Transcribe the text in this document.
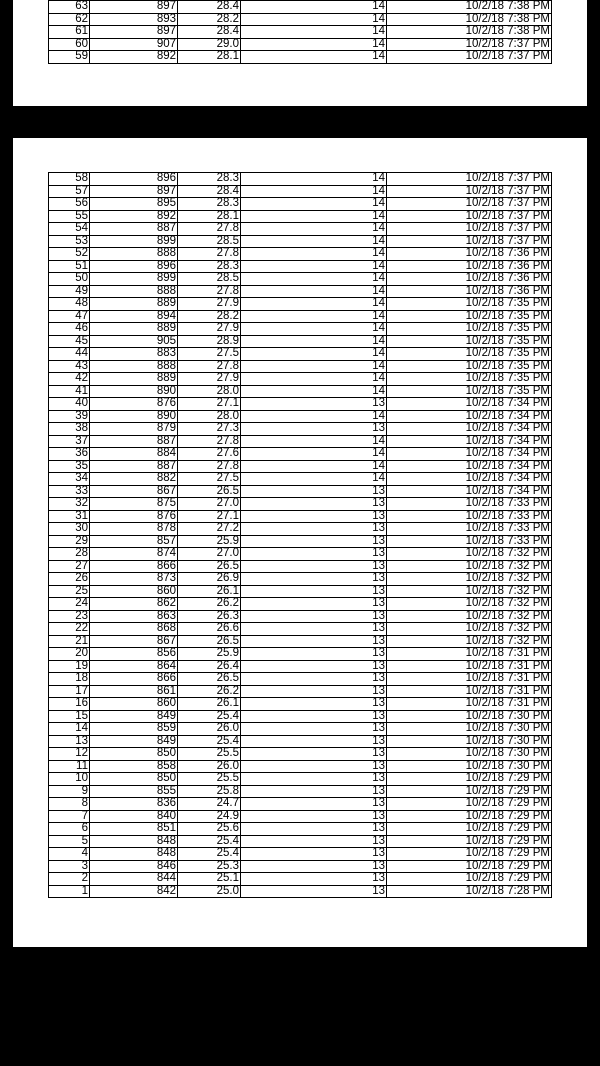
63	897	28.4	14	10/2/18 7:38 PM
62	893	28.2	14	10/2/18 7:38 PM
61	897	28.4	14	10/2/18 7:38 PM
60	907	29.0	14	10/2/18 7:37 PM
59	892	28.1	14	10/2/18 7:37 PM
58	896	28.3	14	10/2/18 7:37 PM
57	897	28.4	14	10/2/18 7:37 PM
56	895	28.3	14	10/2/18 7:37 PM
55	892	28.1	14	10/2/18 7:37 PM
54	887	27.8	14	10/2/18 7:37 PM
53	899	28.5	14	10/2/18 7:37 PM
52	888	27.8	14	10/2/18 7:36 PM
51	896	28.3	14	10/2/18 7:36 PM
50	899	28.5	14	10/2/18 7:36 PM
49	888	27.8	14	10/2/18 7:36 PM
48	889	27.9	14	10/2/18 7:35 PM
47	894	28.2	14	10/2/18 7:35 PM
46	889	27.9	14	10/2/18 7:35 PM
45	905	28.9	14	10/2/18 7:35 PM
44	883	27.5	14	10/2/18 7:35 PM
43	888	27.8	14	10/2/18 7:35 PM
42	889	27.9	14	10/2/18 7:35 PM
41	890	28.0	14	10/2/18 7:35 PM
40	876	27.1	13	10/2/18 7:34 PM
39	890	28.0	14	10/2/18 7:34 PM
38	879	27.3	13	10/2/18 7:34 PM
37	887	27.8	14	10/2/18 7:34 PM
36	884	27.6	14	10/2/18 7:34 PM
35	887	27.8	14	10/2/18 7:34 PM
34	882	27.5	14	10/2/18 7:34 PM
33	867	26.5	13	10/2/18 7:34 PM
32	875	27.0	13	10/2/18 7:33 PM
31	876	27.1	13	10/2/18 7:33 PM
30	878	27.2	13	10/2/18 7:33 PM
29	857	25.9	13	10/2/18 7:33 PM
28	874	27.0	13	10/2/18 7:32 PM
27	866	26.5	13	10/2/18 7:32 PM
26	873	26.9	13	10/2/18 7:32 PM
25	860	26.1	13	10/2/18 7:32 PM
24	862	26.2	13	10/2/18 7:32 PM
23	863	26.3	13	10/2/18 7:32 PM
22	868	26.6	13	10/2/18 7:32 PM
21	867	26.5	13	10/2/18 7:32 PM
20	856	25.9	13	10/2/18 7:31 PM
19	864	26.4	13	10/2/18 7:31 PM
18	866	26.5	13	10/2/18 7:31 PM
17	861	26.2	13	10/2/18 7:31 PM
16	860	26.1	13	10/2/18 7:31 PM
15	849	25.4	13	10/2/18 7:30 PM
14	859	26.0	13	10/2/18 7:30 PM
13	849	25.4	13	10/2/18 7:30 PM
12	850	25.5	13	10/2/18 7:30 PM
11	858	26.0	13	10/2/18 7:30 PM
10	850	25.5	13	10/2/18 7:29 PM
9	855	25.8	13	10/2/18 7:29 PM
8	836	24.7	13	10/2/18 7:29 PM
7	840	24.9	13	10/2/18 7:29 PM
6	851	25.6	13	10/2/18 7:29 PM
5	848	25.4	13	10/2/18 7:29 PM
4	848	25.4	13	10/2/18 7:29 PM
3	846	25.3	13	10/2/18 7:29 PM
2	844	25.1	13	10/2/18 7:29 PM
1	842	25.0	13	10/2/18 7:28 PM
